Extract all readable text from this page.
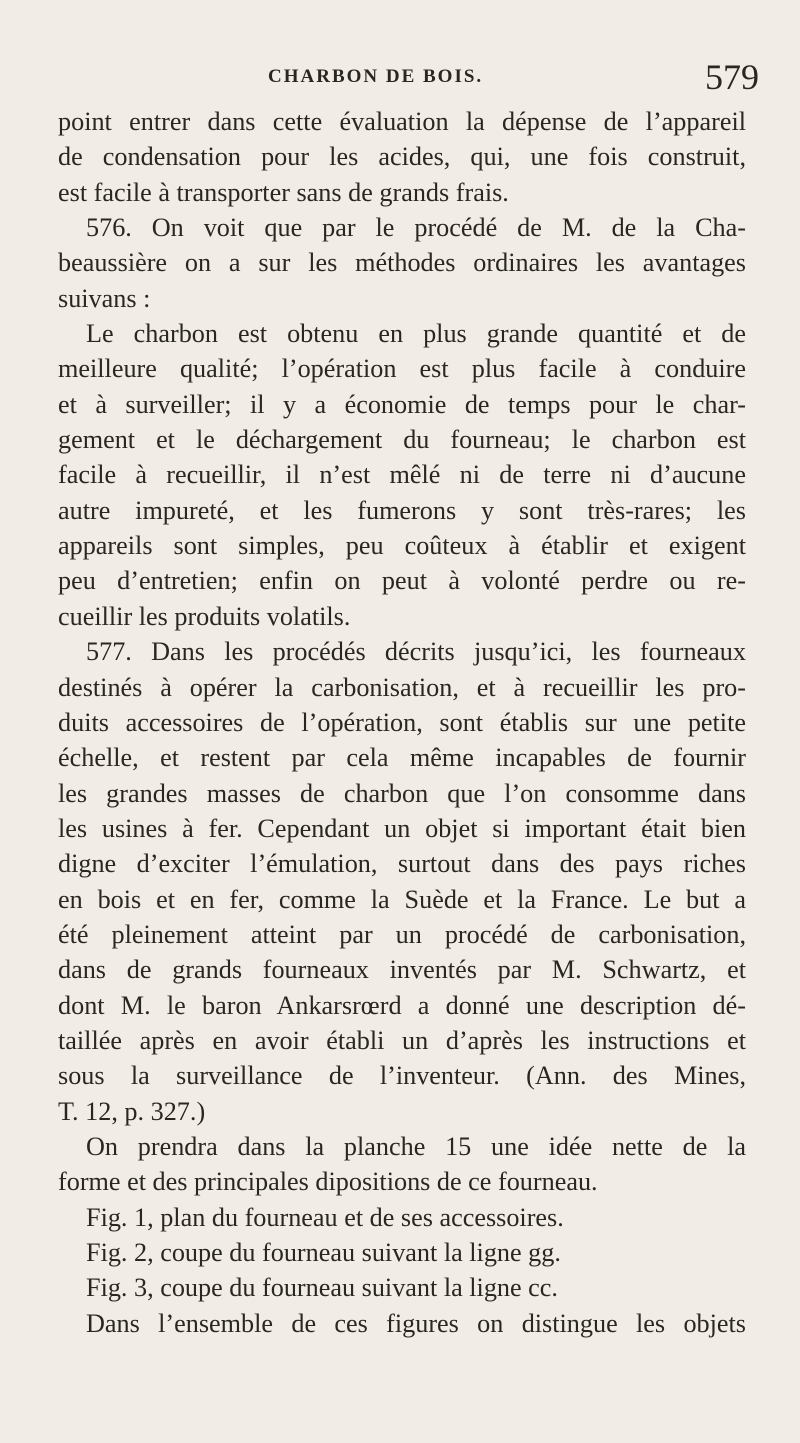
CHARBON DE BOIS.	579
point entrer dans cette évaluation la dépense de l’appareil
de condensation pour les acides, qui, une fois construit,
est facile à transporter sans de grands frais.
576. On voit que par le procédé de M. de la Cha-
beaussière on a sur les méthodes ordinaires les avantages
suivans :
Le charbon est obtenu en plus grande quantité et de
meilleure qualité; l’opération est plus facile à conduire
et à surveiller; il y a économie de temps pour le char-
gement et le déchargement du fourneau; le charbon est
facile à recueillir, il n’est mêlé ni de terre ni d’aucune
autre impureté, et les fumerons y sont très-rares; les
appareils sont simples, peu coûteux à établir et exigent
peu d’entretien; enfin on peut à volonté perdre ou re-
cueillir les produits volatils.
577. Dans les procédés décrits jusqu’ici, les fourneaux
destinés à opérer la carbonisation, et à recueillir les pro-
duits accessoires de l’opération, sont établis sur une petite
échelle, et restent par cela même incapables de fournir
les grandes masses de charbon que l’on consomme dans
les usines à fer. Cependant un objet si important était bien
digne d’exciter l’émulation, surtout dans des pays riches
en bois et en fer, comme la Suède et la France. Le but a
été pleinement atteint par un procédé de carbonisation,
dans de grands fourneaux inventés par M. Schwartz, et
dont M. le baron Ankarsrœrd a donné une description dé-
taillée après en avoir établi un d’après les instructions et
sous la surveillance de l’inventeur. (Ann. des Mines,
T. 12, p. 327.)
On prendra dans la planche 15 une idée nette de la
forme et des principales dipositions de ce fourneau.
Fig. 1, plan du fourneau et de ses accessoires.
Fig. 2, coupe du fourneau suivant la ligne gg.
Fig. 3, coupe du fourneau suivant la ligne cc.
Dans l’ensemble de ces figures on distingue les objets
